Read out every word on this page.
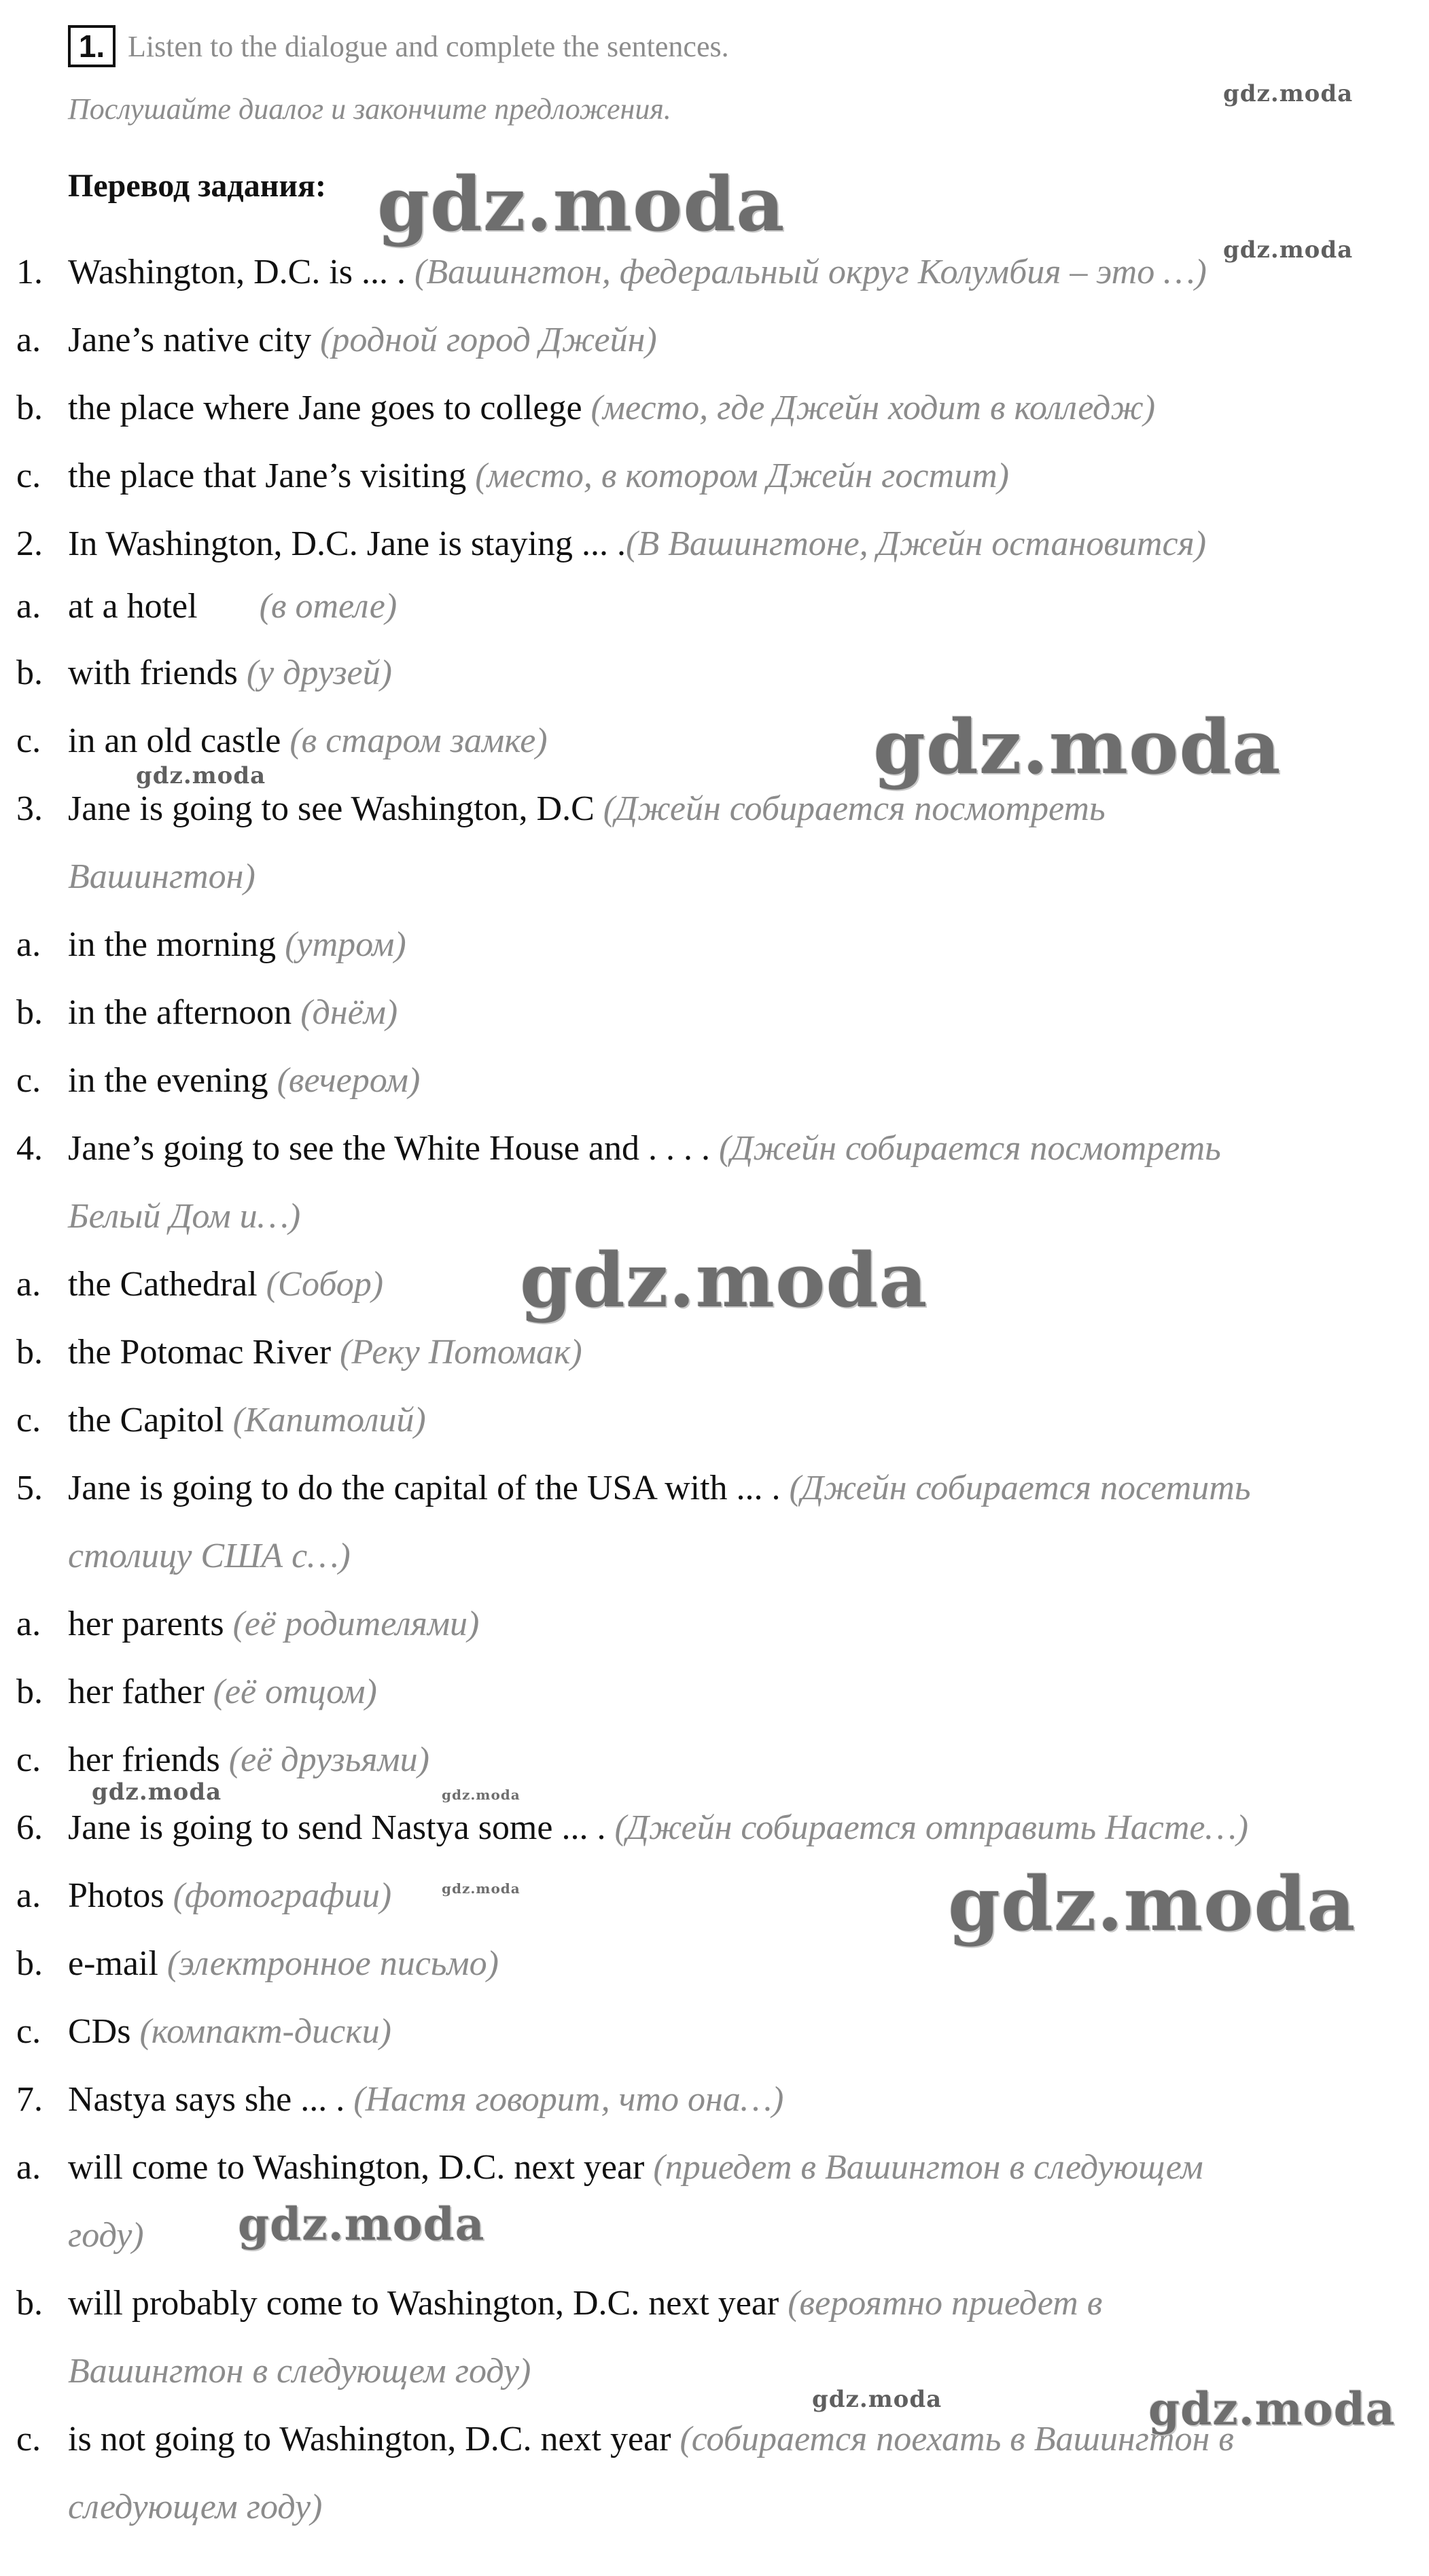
1. Listen to the dialogue and complete the sentences.
Послушайте диалог и закончите предложения.
Перевод задания:
1. Washington, D.C. is ... . (Вашингтон, федеральный округ Колумбия – это …)
a. Jane’s native city (родной город Джейн)
b. the place where Jane goes to college (место, где Джейн ходит в колледж)
c. the place that Jane’s visiting (место, в котором Джейн гостит)
2. In Washington, D.C. Jane is staying ... .(В Вашингтоне, Джейн остановится)
a. at a hotel (в отеле)
b. with friends (у друзей)
c. in an old castle (в старом замке)
3. Jane is going to see Washington, D.C (Джейн собирается посмотреть
Вашингтон)
a. in the morning (утром)
b. in the afternoon (днём)
c. in the evening (вечером)
4. Jane’s going to see the White House and . . . . (Джейн собирается посмотреть
Белый Дом и…)
a. the Cathedral (Собор)
b. the Potomac River (Реку Потомак)
c. the Capitol (Капитолий)
5. Jane is going to do the capital of the USA with ... . (Джейн собирается посетить
столицу США с…)
a. her parents (её родителями)
b. her father (её отцом)
c. her friends (её друзьями)
6. Jane is going to send Nastya some ... . (Джейн собирается отправить Насте…)
a. Photos (фотографии)
b. e-mail (электронное письмо)
c. CDs (компакт-диски)
7. Nastya says she ... . (Настя говорит, что она…)
a. will come to Washington, D.C. next year (приедет в Вашингтон в следующем
году)
b. will probably come to Washington, D.C. next year (вероятно приедет в
Вашингтон в следующем году)
c. is not going to Washington, D.C. next year (собирается поехать в Вашингтон в
следующем году)
gdz.moda
gdz.moda
gdz.moda
gdz.moda
gdz.moda
gdz.moda
gdz.moda	gdz.moda
gdz.moda	gdz.moda
gdz.moda
gdz.moda	gdz.moda
